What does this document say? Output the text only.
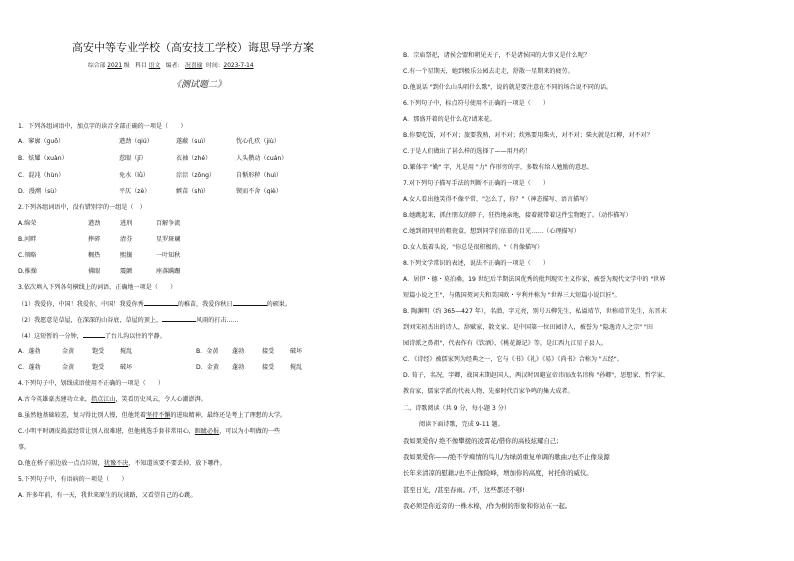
高安中等专业学校（高安技工学校）诲思导学方案
综合部 2021 级 科目 语文 编者： 况喜瑜 时间：2023-7-14
《测试题二》
1．下列各组词语中，加点字的读音全部正确的一项是（　　）
A．寥廓（ɡuō）	遒劲（qiú）	遂蔽（suì）	忱心孔疚（jiù）
B．炫耀（xuàn）	惹眼（jī）	衣袖（zhé）	人头攒动（cuán）
C．混沌（hùn）	免水（lǜ）	淙淙（zōng）	自惭形秽（huì）
D．漫溯（sù）	平仄（zè）	嫉苗（shì）	锲而不舍（qiè）
2.下列各组词语中，没有错别字的一组是（　）
A.绵荣	遒劲	逃刑	百解争流
B.河畔	摔碎	清芬	星罗斑斓
C.领略	稠热	熙攘	一叶知秋
D.推操	佛眼	震颤	座落蹒跚
3.依次填入下列各句横线上的词语，正确地一项是（　　）
（1）我爱你，中国！我爱你，中国！我爱你秀	的稚苗，我爱你秋日	的硕果。
（2）我愿意是草屋，在深深的山谷底，草屋的顶上，	风雨的打击……
（4）这短暂的一分钟，	了台儿沟以往的宇静。
A．蓬勃	金黄	饱受	搅乱	B．金黄 蓬勃	接受	破坏
C．蓬勃	金黄	饱受	破坏	D．金黄 蓬勃	接受	搅乱
4.下列句子中，划线成语使用不正确的一项是（　　）
A.古今英雄豪杰建功立业，指点江山，笑看历史风云，令人心潮澎湃。
B.虽然他基础较差，复习得比别人慢，但他凭着坚持不懈的进取精神，最终还是考上了理想的大学。
C.小明平时调皮捣蛋经常让别人很难堪，但他挑选手套非常用心，睚眦必报，可以为小明做的一些
事。
D.他在桥子前边放一点点垃圾，犹豫不决，不知道该要不要丢掉，放下哪件。
5.下列句子中，有语病的一项是（　　）
A. 许多年前，有一天，我世来原生的玩谈路，又看望自己的心跳。
B．宗庙祭祀，诸侯会盟和朝见天子，不是诸侯国的大事又是什么呢？
C.有一个星期天，她到极乐公园去走走，舒散一星期来的疲劳。
D.他说话 "到什么山头唱什么歌"，说的就是要注意在不同的场合说不同的话。
6.下列句子中，标点符号使用不正确的一项是（　　）
A．那盛开着的是什么花?请来花。
B.你要吃饭，对不对；旅要我熟，对不对；炊熟要用柴火，对不对；柴火就是红柳，对不对？
C.于是人们做出了甚么样的选择了——用丹药！
D.繁体字 "勤" 字，凡是用 "力" 作形旁的字，多数有给人勉励的意思。
7.对下列句子描写手法的判断不正确的一项是（　　）
A.女人看出他笑得不像平常，"怎么了，你？"（神态描写、语言描写）
B.她跳起来，抓住朋友的脖子，狂热地亲地，接着就带着这件宝物跑了。（动作描写）
C.她到胡同里的粗瓷盒，想到同学们依慕的目光……（心理描写）
D.女人低着头说，"你总是很积极的。"（肖像描写）
8.下列文学常识的表述，说法不正确的一项是（　　）
A．居伊・德・莫泊桑，19 世纪后半期法国优秀的批判现实主义作家，被誉为现代文学中的 "世界
短篇小说之王"，与俄国契诃夫和美国欧・亨利并称为 "世界三大短篇小说巨匠"。
B. 陶渊明（约 365—427 年），名潜，字元亮，别号五柳先生，私谥靖节，世称靖节先生，东晋末
到刘宋初杰出的诗人，辞赋家，散文家。是中国第一位田园诗人，被誉为 "隐逸诗人之宗" "田
园诗派之鼻祖"，代表作有《饮酒》、《桃花源记》等。是江西九江星子县人。
C. 《诗经》被儒家列为经典之一，它与《书》《礼》《易》《尚书》合称为 "五经"。
D. 荀子，名况，字卿，战国末期赵国人，两汉时因避宣帝讳而改名讳称 "孙卿"，思想家、哲学家、
教育家，儒家学派的代表人物，先秦时代百家争鸣的集大成者。
二、诗歌阅读（共 9 分，每小题 3 分）
阅读下面诗歌，完成 9-11 题。
我如果爱你/ 绝不像攀援的凌霄花/借你的高枝炫耀自己;
我如果爱你——/绝不学痴情的鸟儿/为绿荫重复单调的歌曲;/也不止像泉源
长年来清凉的慰藉;/也不止像险峰，增加你的高度，衬托你的威仪。
甚至日光，/甚至春雨。/不，这些都还不够!
我必须是你近旁的一株木棉，/作为树的形象和你站在一起。
